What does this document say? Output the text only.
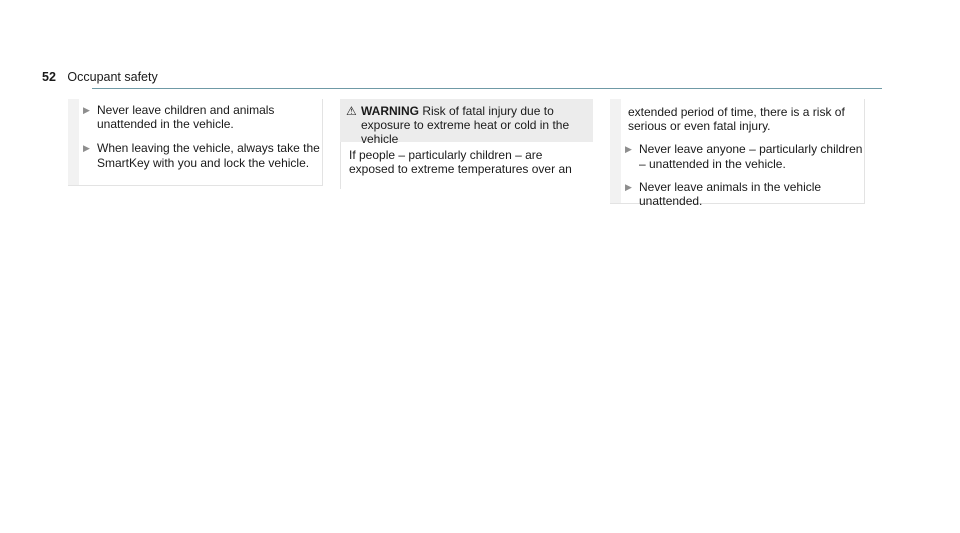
52 Occupant safety
▶ Never leave children and animals unattended in the vehicle.
▶ When leaving the vehicle, always take the SmartKey with you and lock the vehicle.
⚠ WARNING Risk of fatal injury due to exposure to extreme heat or cold in the vehicle
If people – particularly children – are exposed to extreme temperatures over an
extended period of time, there is a risk of serious or even fatal injury.
▶ Never leave anyone – particularly children – unattended in the vehicle.
▶ Never leave animals in the vehicle unattended.
